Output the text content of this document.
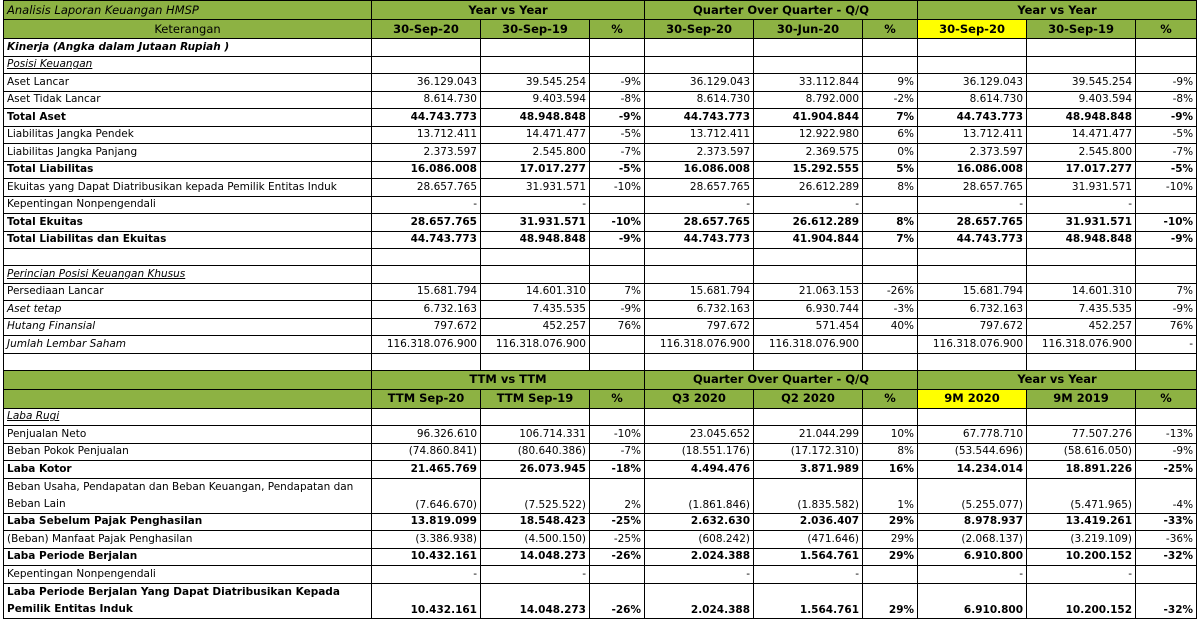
Analisis Laporan Keuangan HMSP	Year vs Year			Quarter Over Quarter - Q/Q			Year vs Year		
Keterangan	30-Sep-20	30-Sep-19	%	30-Sep-20	30-Jun-20	%	30-Sep-20	30-Sep-19	%
Kinerja (Angka dalam Jutaan Rupiah )									
Posisi Keuangan									
Aset Lancar	36.129.043	39.545.254	-9%	36.129.043	33.112.844	9%	36.129.043	39.545.254	-9%
Aset Tidak Lancar	8.614.730	9.403.594	-8%	8.614.730	8.792.000	-2%	8.614.730	9.403.594	-8%
Total Aset	44.743.773	48.948.848	-9%	44.743.773	41.904.844	7%	44.743.773	48.948.848	-9%
Liabilitas Jangka Pendek	13.712.411	14.471.477	-5%	13.712.411	12.922.980	6%	13.712.411	14.471.477	-5%
Liabilitas Jangka Panjang	2.373.597	2.545.800	-7%	2.373.597	2.369.575	0%	2.373.597	2.545.800	-7%
Total Liabilitas	16.086.008	17.017.277	-5%	16.086.008	15.292.555	5%	16.086.008	17.017.277	-5%
Ekuitas yang Dapat Diatribusikan kepada Pemilik Entitas Induk	28.657.765	31.931.571	-10%	28.657.765	26.612.289	8%	28.657.765	31.931.571	-10%
Kepentingan Nonpengendali	-	-		-	-		-	-	
Total Ekuitas	28.657.765	31.931.571	-10%	28.657.765	26.612.289	8%	28.657.765	31.931.571	-10%
Total Liabilitas dan Ekuitas	44.743.773	48.948.848	-9%	44.743.773	41.904.844	7%	44.743.773	48.948.848	-9%

Perincian Posisi Keuangan Khusus									
Persediaan Lancar	15.681.794	14.601.310	7%	15.681.794	21.063.153	-26%	15.681.794	14.601.310	7%
Aset tetap	6.732.163	7.435.535	-9%	6.732.163	6.930.744	-3%	6.732.163	7.435.535	-9%
Hutang Finansial	797.672	452.257	76%	797.672	571.454	40%	797.672	452.257	76%
Jumlah Lembar Saham	116.318.076.900	116.318.076.900		116.318.076.900	116.318.076.900		116.318.076.900	116.318.076.900	-

	TTM vs TTM			Quarter Over Quarter - Q/Q			Year vs Year		
	TTM Sep-20	TTM Sep-19	%	Q3 2020	Q2 2020	%	9M 2020	9M 2019	%
Laba Rugi									
Penjualan Neto	96.326.610	106.714.331	-10%	23.045.652	21.044.299	10%	67.778.710	77.507.276	-13%
Beban Pokok Penjualan	(74.860.841)	(80.640.386)	-7%	(18.551.176)	(17.172.310)	8%	(53.544.696)	(58.616.050)	-9%
Laba Kotor	21.465.769	26.073.945	-18%	4.494.476	3.871.989	16%	14.234.014	18.891.226	-25%
Beban Usaha, Pendapatan dan Beban Keuangan, Pendapatan dan Beban Lain	(7.646.670)	(7.525.522)	2%	(1.861.846)	(1.835.582)	1%	(5.255.077)	(5.471.965)	-4%
Laba Sebelum Pajak Penghasilan	13.819.099	18.548.423	-25%	2.632.630	2.036.407	29%	8.978.937	13.419.261	-33%
(Beban) Manfaat Pajak Penghasilan	(3.386.938)	(4.500.150)	-25%	(608.242)	(471.646)	29%	(2.068.137)	(3.219.109)	-36%
Laba Periode Berjalan	10.432.161	14.048.273	-26%	2.024.388	1.564.761	29%	6.910.800	10.200.152	-32%
Kepentingan Nonpengendali	-	-		-	-		-	-	
Laba Periode Berjalan Yang Dapat Diatribusikan Kepada Pemilik Entitas Induk	10.432.161	14.048.273	-26%	2.024.388	1.564.761	29%	6.910.800	10.200.152	-32%
